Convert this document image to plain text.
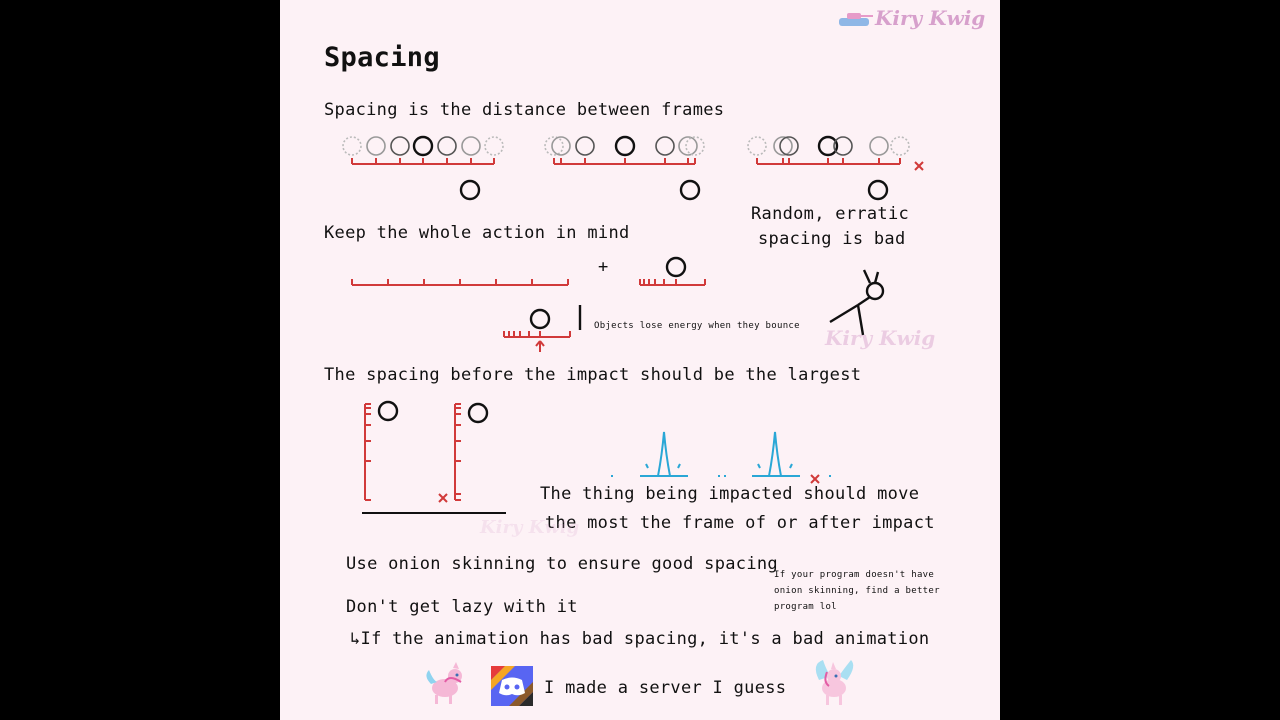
Kiry Kwig
Spacing
Spacing is the distance between frames
Keep the whole action in mind
The spacing before the impact should be the largest
Random, erratic
spacing is bad
+
Objects lose energy when they bounce
The thing being impacted should move
the most the frame of or after impact
Use onion skinning to ensure good spacing
If your program doesn't have
onion skinning, find a better
program lol
Don't get lazy with it
↳If the animation has bad spacing, it's a bad animation
I made a server I guess
Kiry Kwig
Kiry Kwig
